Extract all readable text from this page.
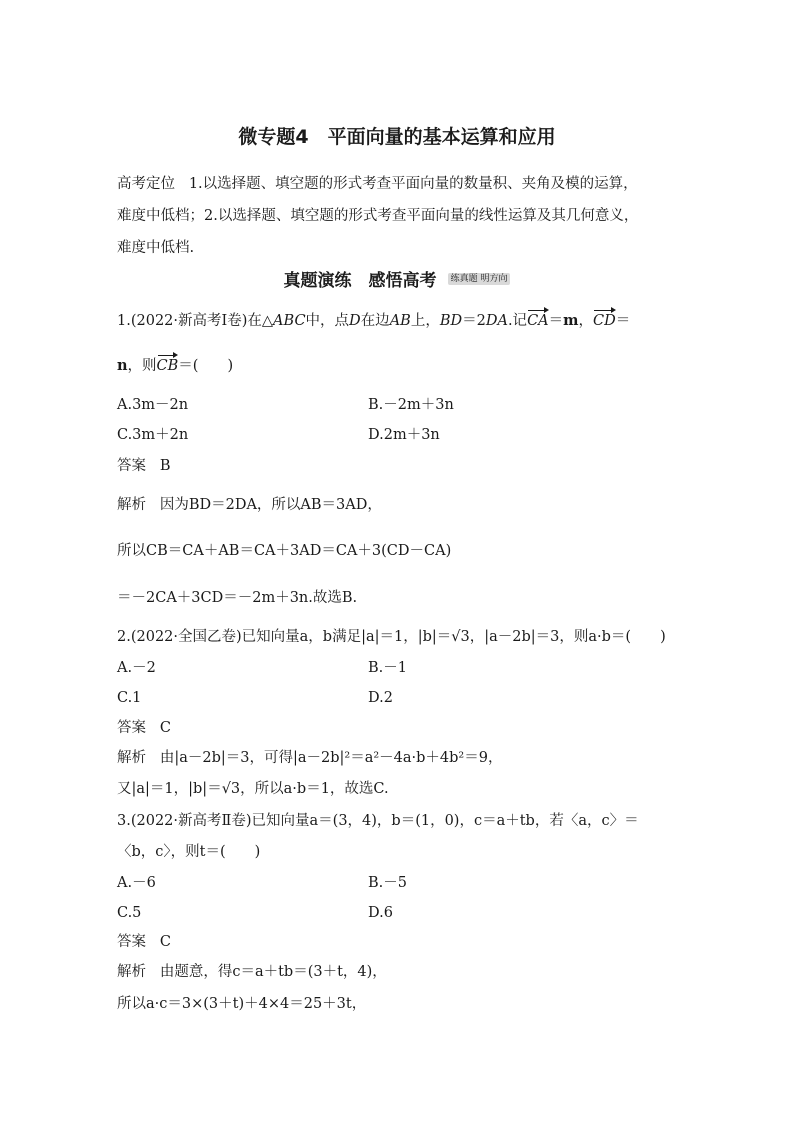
微专题4　平面向量的基本运算和应用
高考定位 1.以选择题、填空题的形式考查平面向量的数量积、夹角及模的运算，
难度中低档；2.以选择题、填空题的形式考查平面向量的线性运算及其几何意义，
难度中低档.
真题演练　感悟高考 练真题 明方向
1.(2022·新高考Ⅰ卷)在△ABC中，点D在边AB上，BD＝2DA.记CA＝m，CD＝
n，则CB＝(　　)
A.3m－2n	B.－2m＋3n
C.3m＋2n	D.2m＋3n
答案 B
解析 因为BD＝2DA，所以AB＝3AD，
所以CB＝CA＋AB＝CA＋3AD＝CA＋3(CD－CA)
＝－2CA＋3CD＝－2m＋3n.故选B.
2.(2022·全国乙卷)已知向量a，b满足|a|＝1，|b|＝√3，|a－2b|＝3，则a·b＝(　　)
A.－2	B.－1
C.1	D.2
答案 C
解析 由|a－2b|＝3，可得|a－2b|²＝a²－4a·b＋4b²＝9，
又|a|＝1，|b|＝√3，所以a·b＝1，故选C.
3.(2022·新高考Ⅱ卷)已知向量a＝(3，4)，b＝(1，0)，c＝a＋tb，若〈a，c〉＝
〈b，c〉，则t＝(　　)
A.－6	B.－5
C.5	D.6
答案 C
解析 由题意，得c＝a＋tb＝(3＋t，4)，
所以a·c＝3×(3＋t)＋4×4＝25＋3t，
